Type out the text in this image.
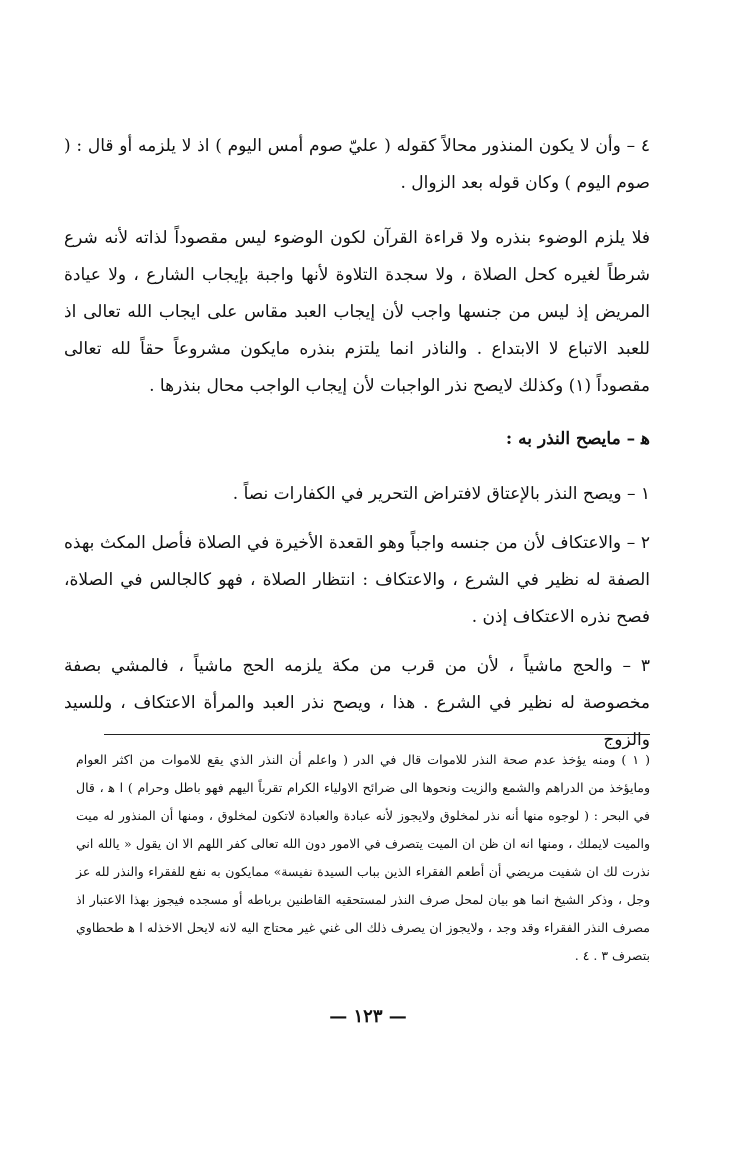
٤ – وأن لا يكون المنذور محالاً كقوله ( عليّ صوم أمس اليوم ) اذ لا يلزمه أو قال : ( صوم اليوم ) وكان قوله بعد الزوال .

فلا يلزم الوضوء بنذره ولا قراءة القرآن لكون الوضوء ليس مقصوداً لذاته لأنه شرع شرطاً لغيره كحل الصلاة ، ولا سجدة التلاوة لأنها واجبة بإيجاب الشارع ، ولا عيادة المريض إذ ليس من جنسها واجب لأن إيجاب العبد مقاس على ايجاب الله تعالى اذ للعبد الاتباع لا الابتداع . والناذر انما يلتزم بنذره مايكون مشروعاً حقاً لله تعالى مقصوداً (١) وكذلك لايصح نذر الواجبات لأن إيجاب الواجب محال بنذرها .

ﻫ – مايصح النذر به :

١ – ويصح النذر بالإعتاق لافتراض التحرير في الكفارات نصاً .

٢ – والاعتكاف لأن من جنسه واجباً وهو القعدة الأخيرة في الصلاة فأصل المكث بهذه الصفة له نظير في الشرع ، والاعتكاف : انتظار الصلاة ، فهو كالجالس في الصلاة، فصح نذره الاعتكاف إذن .

٣ – والحج ماشياً ، لأن من قرب من مكة يلزمه الحج ماشياً ، فالمشي بصفة مخصوصة له نظير في الشرع . هذا ، ويصح نذر العبد والمرأة الاعتكاف ، وللسيد والزوج

( ١ ) ومنه يؤخذ عدم صحة النذر للاموات قال في الدر ( واعلم أن النذر الذي يقع للاموات من اكثر العوام ومايؤخذ من الدراهم والشمع والزيت ونحوها الى ضرائح الاولياء الكرام تقرباً اليهم فهو باطل وحرام ) ا ﻫ ، قال في البحر : ( لوجوه منها أنه نذر لمخلوق ولايجوز لأنه عبادة والعبادة لاتكون لمخلوق ، ومنها أن المنذور له ميت والميت لايملك ، ومنها انه ان ظن ان الميت يتصرف في الامور دون الله تعالى كفر اللهم الا ان يقول « يالله اني نذرت لك ان شفيت مريضي أن أطعم الفقراء الذين بباب السيدة نفيسة» ممايكون به نفع للفقراء والنذر لله عز وجل ، وذكر الشيخ انما هو بيان لمحل صرف النذر لمستحقيه القاطنين برباطه أو مسجده فيجوز بهذا الاعتبار اذ مصرف النذر الفقراء وقد وجد ، ولايجوز ان يصرف ذلك الى غني غير محتاج اليه لانه لايحل الاخذله ا ﻫ طحطاوي بتصرف ٣ . ٤ .

— ١٢٣ —
